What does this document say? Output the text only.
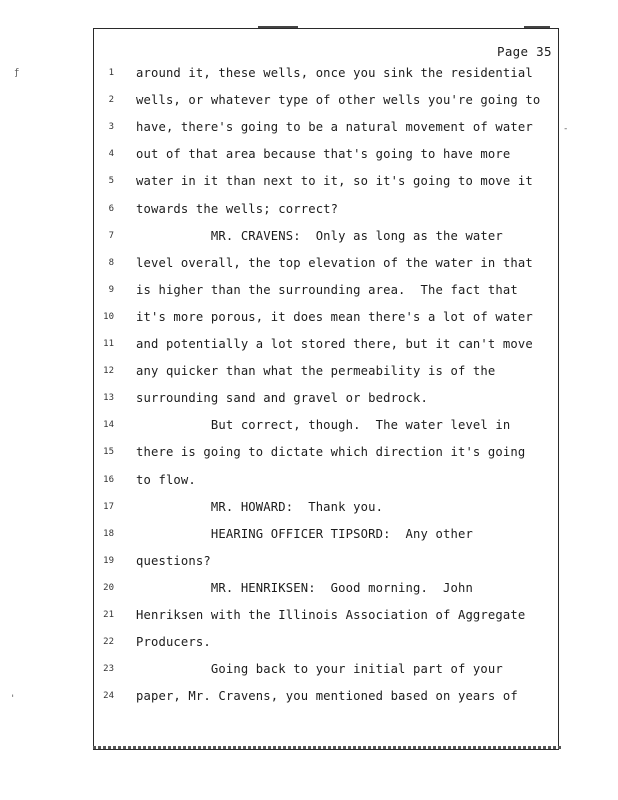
ƒ
'
-
Page 35
1 around it, these wells, once you sink the residential
2 wells, or whatever type of other wells you're going to
3 have, there's going to be a natural movement of water
4 out of that area because that's going to have more
5 water in it than next to it, so it's going to move it
6 towards the wells; correct?
7 MR. CRAVENS:  Only as long as the water
8 level overall, the top elevation of the water in that
9 is higher than the surrounding area.  The fact that
10 it's more porous, it does mean there's a lot of water
11 and potentially a lot stored there, but it can't move
12 any quicker than what the permeability is of the
13 surrounding sand and gravel or bedrock.
14 But correct, though.  The water level in
15 there is going to dictate which direction it's going
16 to flow.
17 MR. HOWARD:  Thank you.
18 HEARING OFFICER TIPSORD:  Any other
19 questions?
20 MR. HENRIKSEN:  Good morning.  John
21 Henriksen with the Illinois Association of Aggregate
22 Producers.
23 Going back to your initial part of your
24 paper, Mr. Cravens, you mentioned based on years of
